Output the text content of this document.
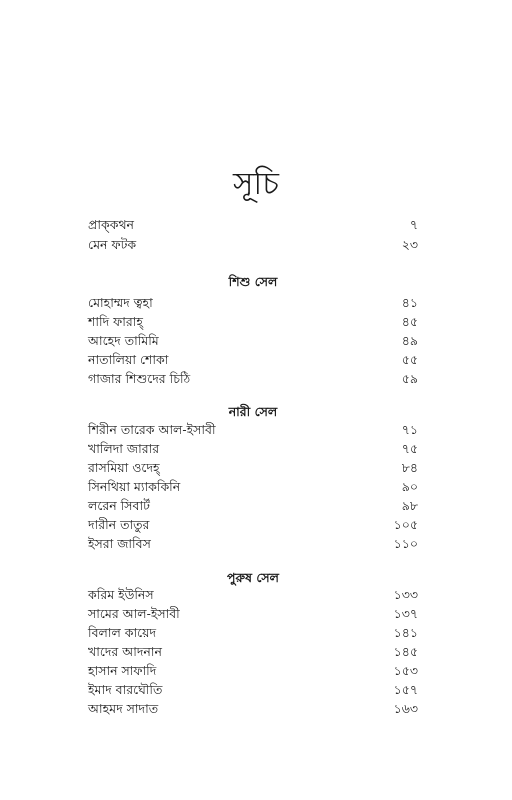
সূচি
প্রাক্‌কথন	৭
মেন ফটক	২৩
শিশু সেল
মোহাম্মদ ত্বহা	৪১
শাদি ফারাহ্‌	৪৫
আহেদ তামিমি	৪৯
নাতালিয়া শোকা	৫৫
গাজার শিশুদের চিঠি	৫৯
নারী সেল
শিরীন তারেক আল-ইসাবী	৭১
খালিদা জারার	৭৫
রাসমিয়া ওদেহ্‌	৮৪
সিনথিয়া ম্যাককিনি	৯০
লরেন সিবার্ট	৯৮
দারীন তাতুর	১০৫
ইসরা জাবিস	১১০
পুরুষ সেল
করিম ইউনিস	১৩৩
সামের আল-ইসাবী	১৩৭
বিলাল কায়েদ	১৪১
খাদের আদনান	১৪৫
হাসান সাফাদি	১৫৩
ইমাদ বারঘৌতি	১৫৭
আহমদ সাদাত	১৬৩
